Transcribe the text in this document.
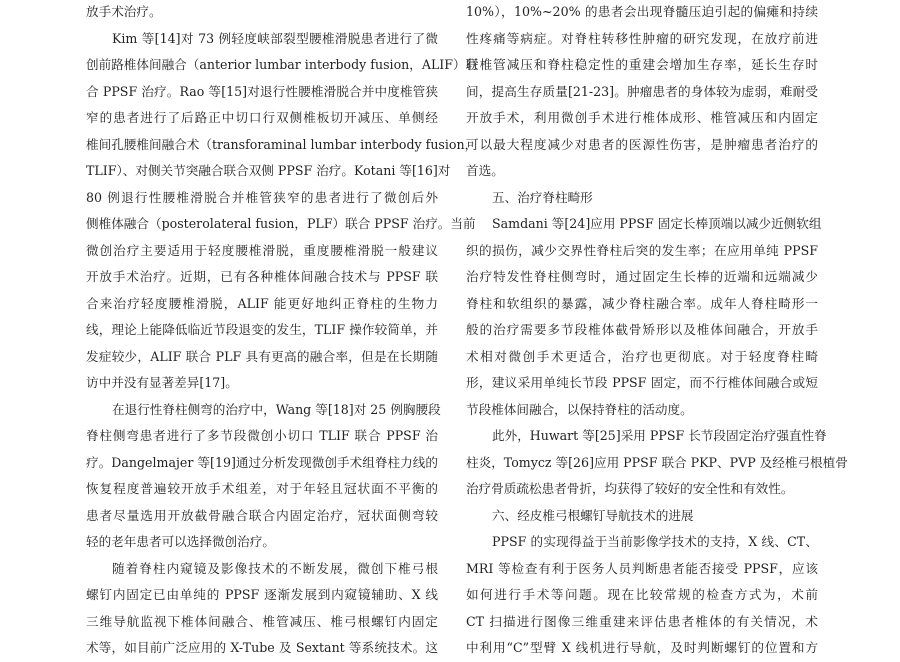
放手术治疗。
Kim 等[14]对 73 例轻度峡部裂型腰椎滑脱患者进行了微
创前路椎体间融合（anterior lumbar interbody fusion，ALIF）联
合 PPSF 治疗。Rao 等[15]对退行性腰椎滑脱合并中度椎管狭
窄的患者进行了后路正中切口行双侧椎板切开减压、单侧经
椎间孔腰椎间融合术（transforaminal lumbar interbody fusion，
TLIF）、对侧关节突融合联合双侧 PPSF 治疗。Kotani 等[16]对
80 例退行性腰椎滑脱合并椎管狭窄的患者进行了微创后外
侧椎体融合（posterolateral fusion，PLF）联合 PPSF 治疗。当前
微创治疗主要适用于轻度腰椎滑脱，重度腰椎滑脱一般建议
开放手术治疗。近期，已有各种椎体间融合技术与 PPSF 联
合来治疗轻度腰椎滑脱，ALIF 能更好地纠正脊柱的生物力
线，理论上能降低临近节段退变的发生，TLIF 操作较简单，并
发症较少，ALIF 联合 PLF 具有更高的融合率，但是在长期随
访中并没有显著差异[17]。
在退行性脊柱侧弯的治疗中，Wang 等[18]对 25 例胸腰段
脊柱侧弯患者进行了多节段微创小切口 TLIF 联合 PPSF 治
疗。Dangelmajer 等[19]通过分析发现微创手术组脊柱力线的
恢复程度普遍较开放手术组差，对于年轻且冠状面不平衡的
患者尽量选用开放截骨融合联合内固定治疗，冠状面侧弯较
轻的老年患者可以选择微创治疗。
随着脊柱内窥镜及影像技术的不断发展，微创下椎弓根
螺钉内固定已由单纯的 PPSF 逐渐发展到内窥镜辅助、X 线
三维导航监视下椎体间融合、椎管减压、椎弓根螺钉内固定
术等，如目前广泛应用的 X-Tube 及 Sextant 等系统技术。这
10%），10%~20% 的患者会出现脊髓压迫引起的偏瘫和持续
性疼痛等病症。对脊柱转移性肿瘤的研究发现，在放疗前进
行椎管减压和脊柱稳定性的重建会增加生存率，延长生存时
间，提高生存质量[21-23]。肿瘤患者的身体较为虚弱，难耐受
开放手术，利用微创手术进行椎体成形、椎管减压和内固定
可以最大程度减少对患者的医源性伤害，是肿瘤患者治疗的
首选。
五、治疗脊柱畸形
Samdani 等[24]应用 PPSF 固定长棒顶端以减少近侧软组
织的损伤，减少交界性脊柱后突的发生率；在应用单纯 PPSF
治疗特发性脊柱侧弯时，通过固定生长棒的近端和远端减少
脊柱和软组织的暴露，减少脊柱融合率。成年人脊柱畸形一
般的治疗需要多节段椎体截骨矫形以及椎体间融合，开放手
术相对微创手术更适合，治疗也更彻底。对于轻度脊柱畸
形，建议采用单纯长节段 PPSF 固定，而不行椎体间融合或短
节段椎体间融合，以保持脊柱的活动度。
此外，Huwart 等[25]采用 PPSF 长节段固定治疗强直性脊
柱炎，Tomycz 等[26]应用 PPSF 联合 PKP、PVP 及经椎弓根植骨
治疗骨质疏松患者骨折，均获得了较好的安全性和有效性。
六、经皮椎弓根螺钉导航技术的进展
PPSF 的实现得益于当前影像学技术的支持，X 线、CT、
MRI 等检查有利于医务人员判断患者能否接受 PPSF，应该
如何进行手术等问题。现在比较常规的检查方式为，术前
CT 扫描进行图像三维重建来评估患者椎体的有关情况，术
中利用“C”型臂 X 线机进行导航，及时判断螺钉的位置和方
